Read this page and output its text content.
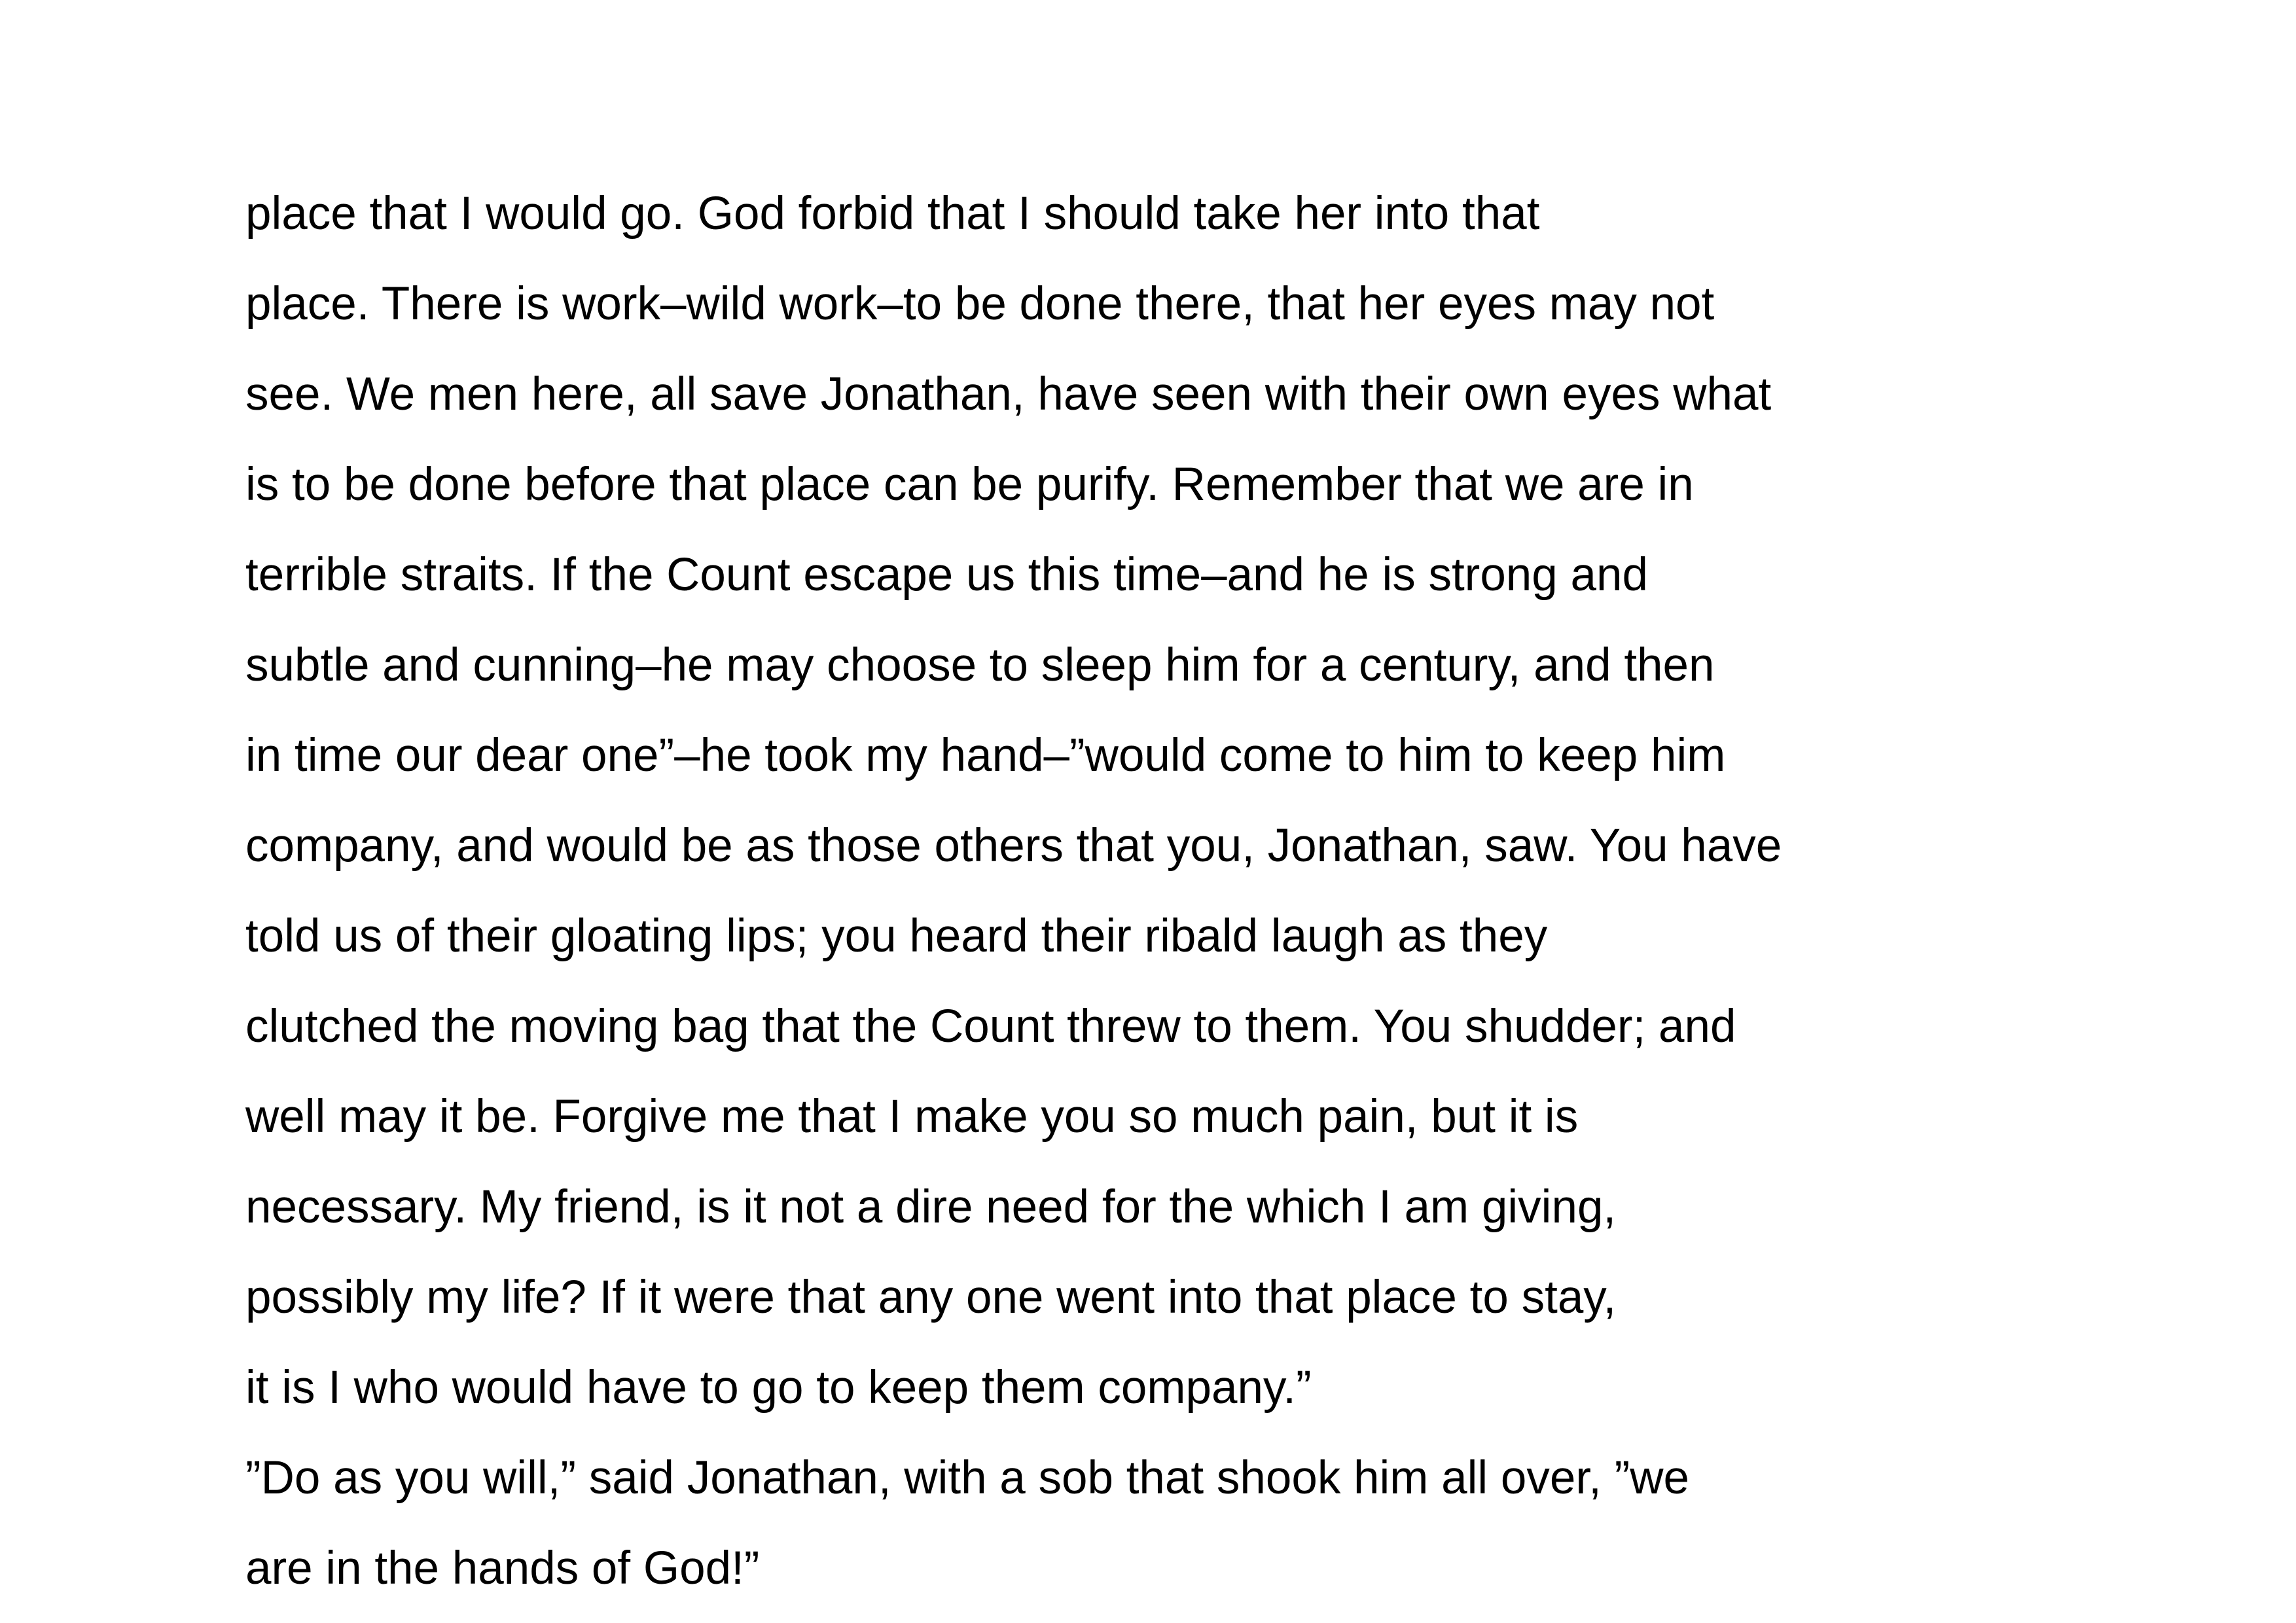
place that I would go. God forbid that I should take her into that
place. There is work–wild work–to be done there, that her eyes may not
see. We men here, all save Jonathan, have seen with their own eyes what
is to be done before that place can be purify. Remember that we are in
terrible straits. If the Count escape us this time–and he is strong and
subtle and cunning–he may choose to sleep him for a century, and then
in time our dear one”–he took my hand–”would come to him to keep him
company, and would be as those others that you, Jonathan, saw. You have
told us of their gloating lips; you heard their ribald laugh as they
clutched the moving bag that the Count threw to them. You shudder; and
well may it be. Forgive me that I make you so much pain, but it is
necessary. My friend, is it not a dire need for the which I am giving,
possibly my life? If it were that any one went into that place to stay,
it is I who would have to go to keep them company.”
”Do as you will,” said Jonathan, with a sob that shook him all over, ”we
are in the hands of God!”
